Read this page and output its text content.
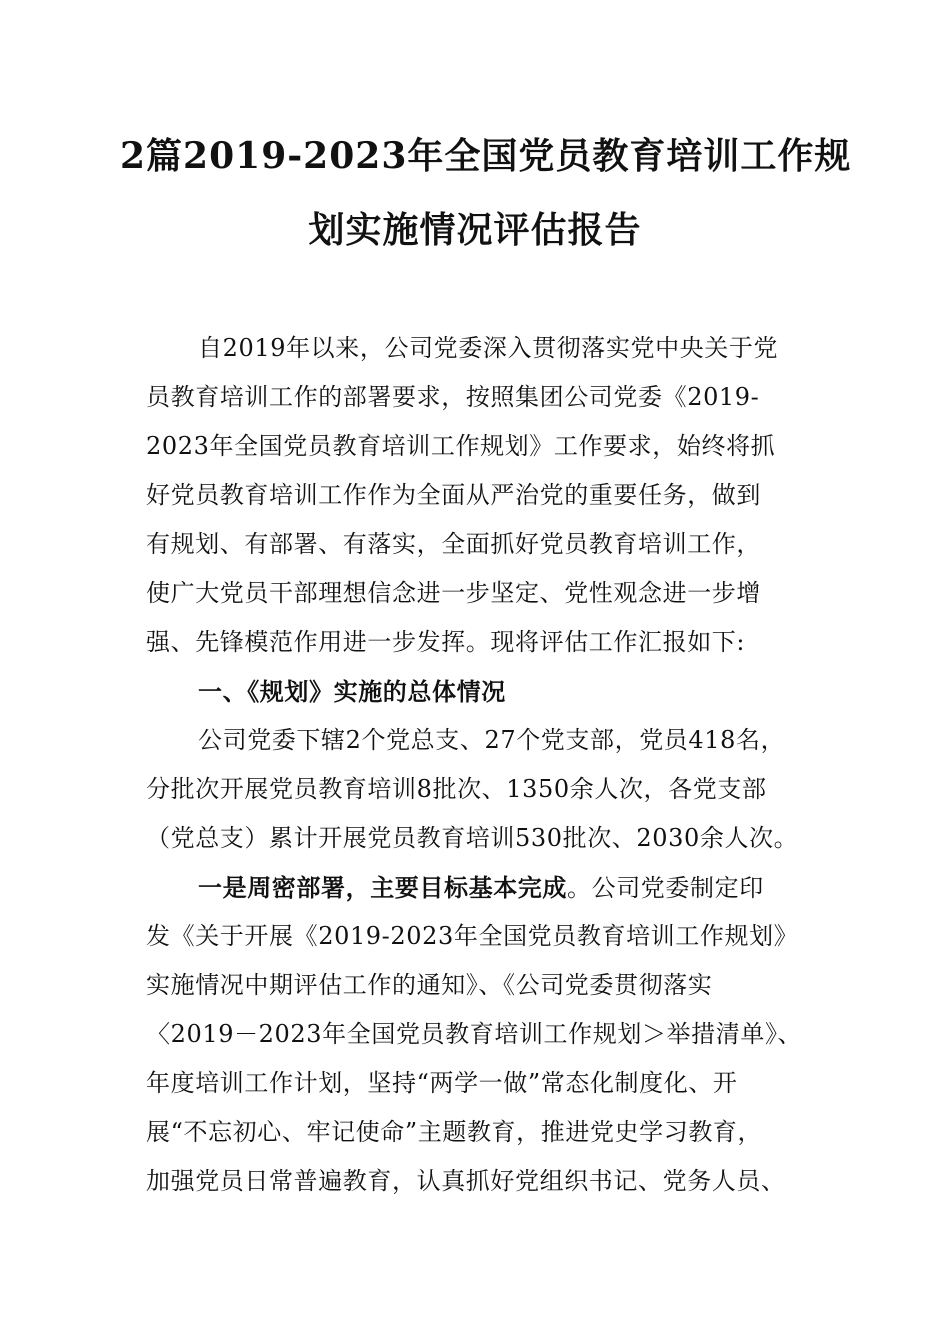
2篇2019-2023年全国党员教育培训工作规
划实施情况评估报告
自2019年以来，公司党委深入贯彻落实党中央关于党
员教育培训工作的部署要求，按照集团公司党委《2019-
2023年全国党员教育培训工作规划》工作要求，始终将抓
好党员教育培训工作作为全面从严治党的重要任务，做到
有规划、有部署、有落实，全面抓好党员教育培训工作，
使广大党员干部理想信念进一步坚定、党性观念进一步增
强、先锋模范作用进一步发挥。现将评估工作汇报如下:
一、《规划》实施的总体情况
公司党委下辖2个党总支、27个党支部，党员418名，
分批次开展党员教育培训8批次、1350余人次，各党支部
（党总支）累计开展党员教育培训530批次、2030余人次。
一是周密部署，主要目标基本完成。公司党委制定印
发《关于开展《2019-2023年全国党员教育培训工作规划》
实施情况中期评估工作的通知》、《公司党委贯彻落实
〈2019－2023年全国党员教育培训工作规划＞举措清单》、
年度培训工作计划，坚持“两学一做”常态化制度化、开
展“不忘初心、牢记使命”主题教育，推进党史学习教育，
加强党员日常普遍教育，认真抓好党组织书记、党务人员、
